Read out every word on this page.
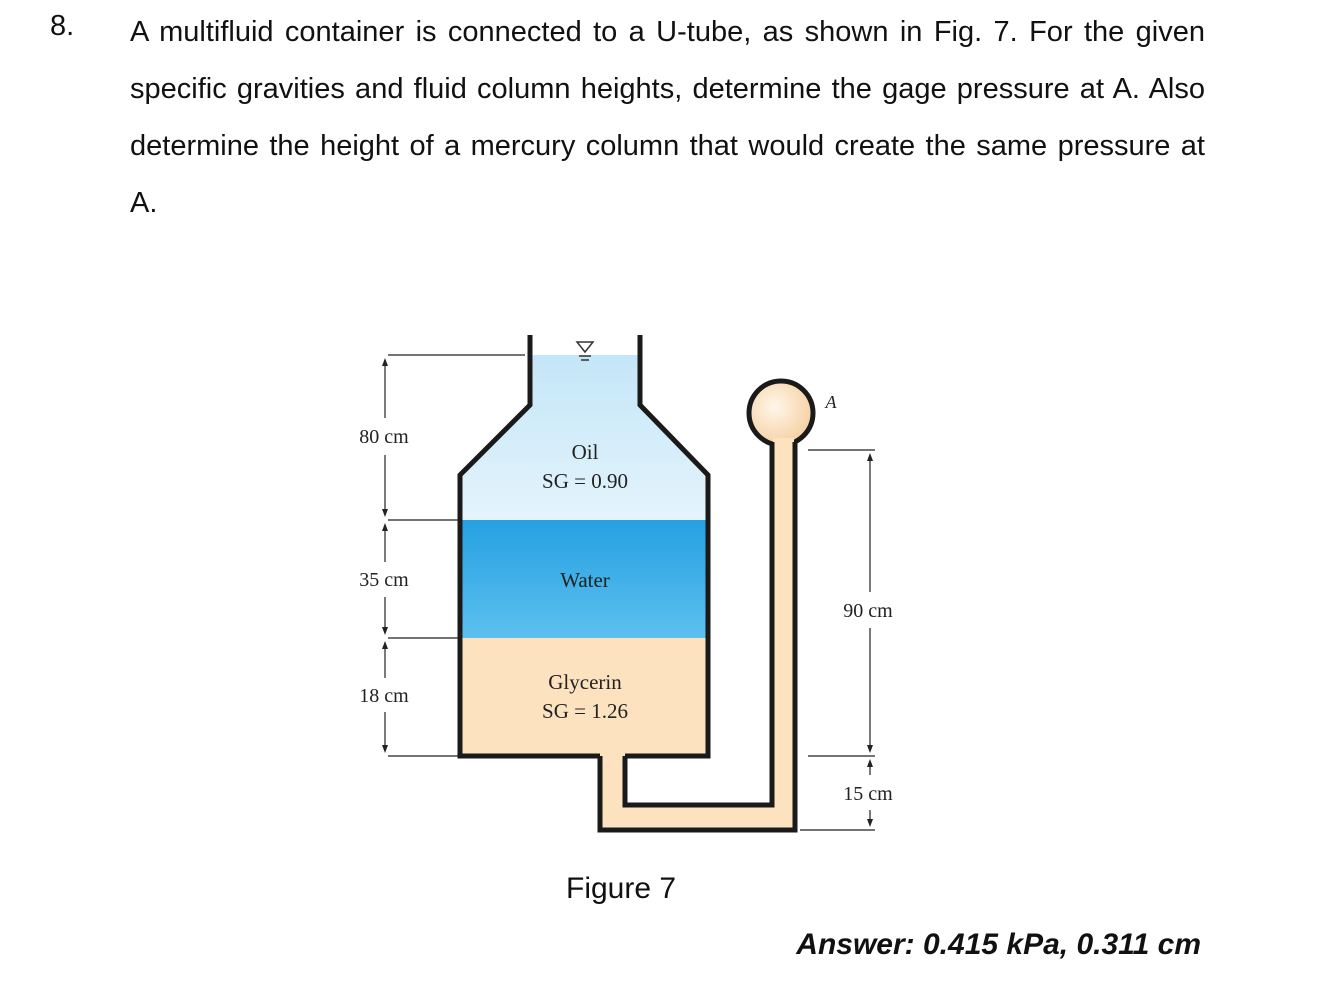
8. A multifluid container is connected to a U-tube, as shown in Fig. 7. For the given specific gravities and fluid column heights, determine the gage pressure at A. Also determine the height of a mercury column that would create the same pressure at A.
80 cm
35 cm
18 cm
90 cm
15 cm
A
Oil
SG = 0.90
Water
Glycerin
SG = 1.26
Figure 7
Answer: 0.415 kPa, 0.311 cm
